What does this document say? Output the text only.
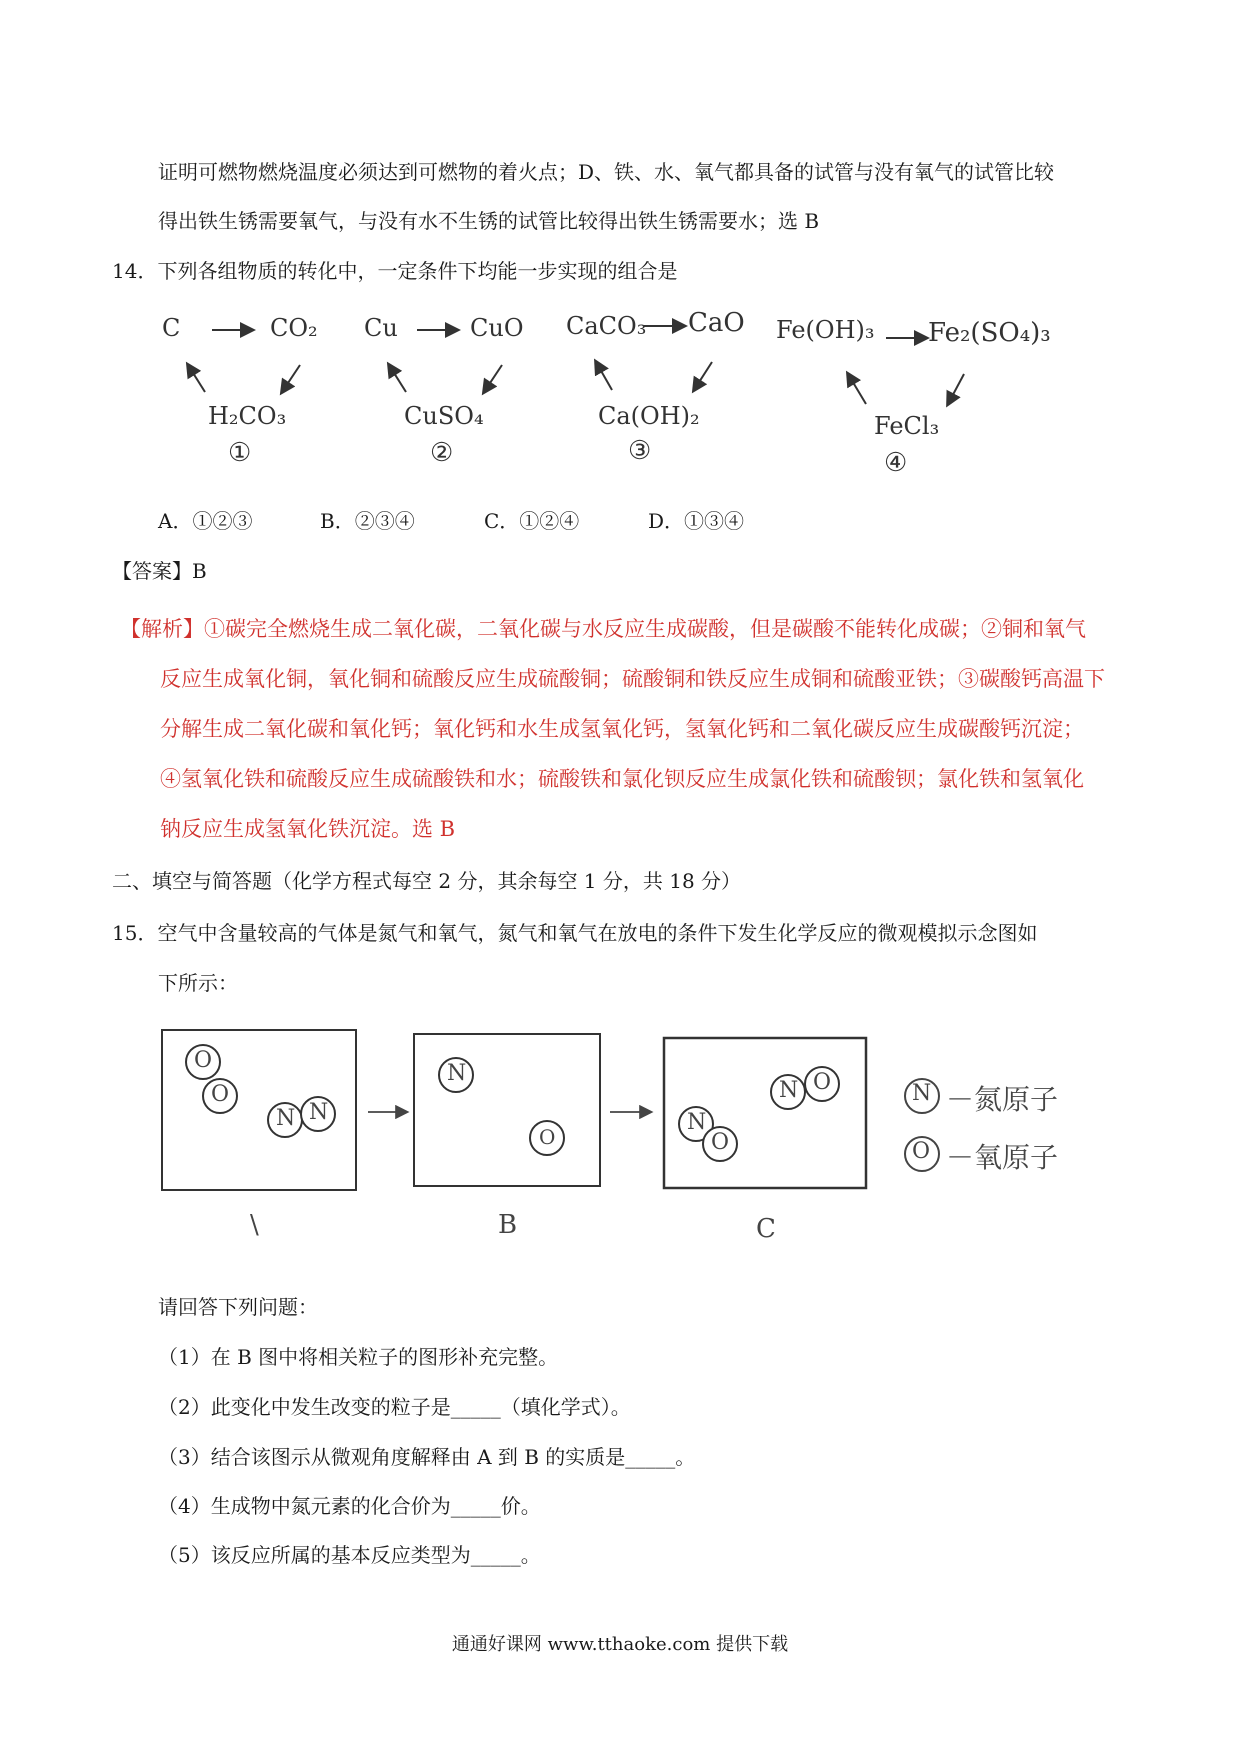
证明可燃物燃烧温度必须达到可燃物的着火点；D、铁、水、氧气都具备的试管与没有氧气的试管比较
得出铁生锈需要氧气，与没有水不生锈的试管比较得出铁生锈需要水；选 B
14．下列各组物质的转化中，一定条件下均能一步实现的组合是
C	CO₂
H₂CO₃
①
Cu	CuO
CuSO₄
②
CaCO₃ CaO
Ca(OH)₂
③
Fe(OH)₃ Fe₂(SO₄)₃
FeCl₃
④
A．①②③	B．②③④	C．①②④	D．①③④
【答案】B
【解析】①碳完全燃烧生成二氧化碳，二氧化碳与水反应生成碳酸，但是碳酸不能转化成碳；②铜和氧气
反应生成氧化铜，氧化铜和硫酸反应生成硫酸铜；硫酸铜和铁反应生成铜和硫酸亚铁；③碳酸钙高温下
分解生成二氧化碳和氧化钙；氧化钙和水生成氢氧化钙，氢氧化钙和二氧化碳反应生成碳酸钙沉淀；
④氢氧化铁和硫酸反应生成硫酸铁和水；硫酸铁和氯化钡反应生成氯化铁和硫酸钡；氯化铁和氢氧化
钠反应生成氢氧化铁沉淀。选 B
二、填空与简答题（化学方程式每空 2 分，其余每空 1 分，共 18 分）
15．空气中含量较高的气体是氮气和氧气，氮气和氧气在放电的条件下发生化学反应的微观模拟示念图如
下所示：
O
O
N N
N
O
N
O
N O
\	B	C
N －氮原子
O －氧原子
请回答下列问题：
（1）在 B 图中将相关粒子的图形补充完整。
（2）此变化中发生改变的粒子是_____（填化学式）。
（3）结合该图示从微观角度解释由 A 到 B 的实质是_____。
（4）生成物中氮元素的化合价为_____价。
（5）该反应所属的基本反应类型为_____。
通通好课网 www.tthaoke.com 提供下载
